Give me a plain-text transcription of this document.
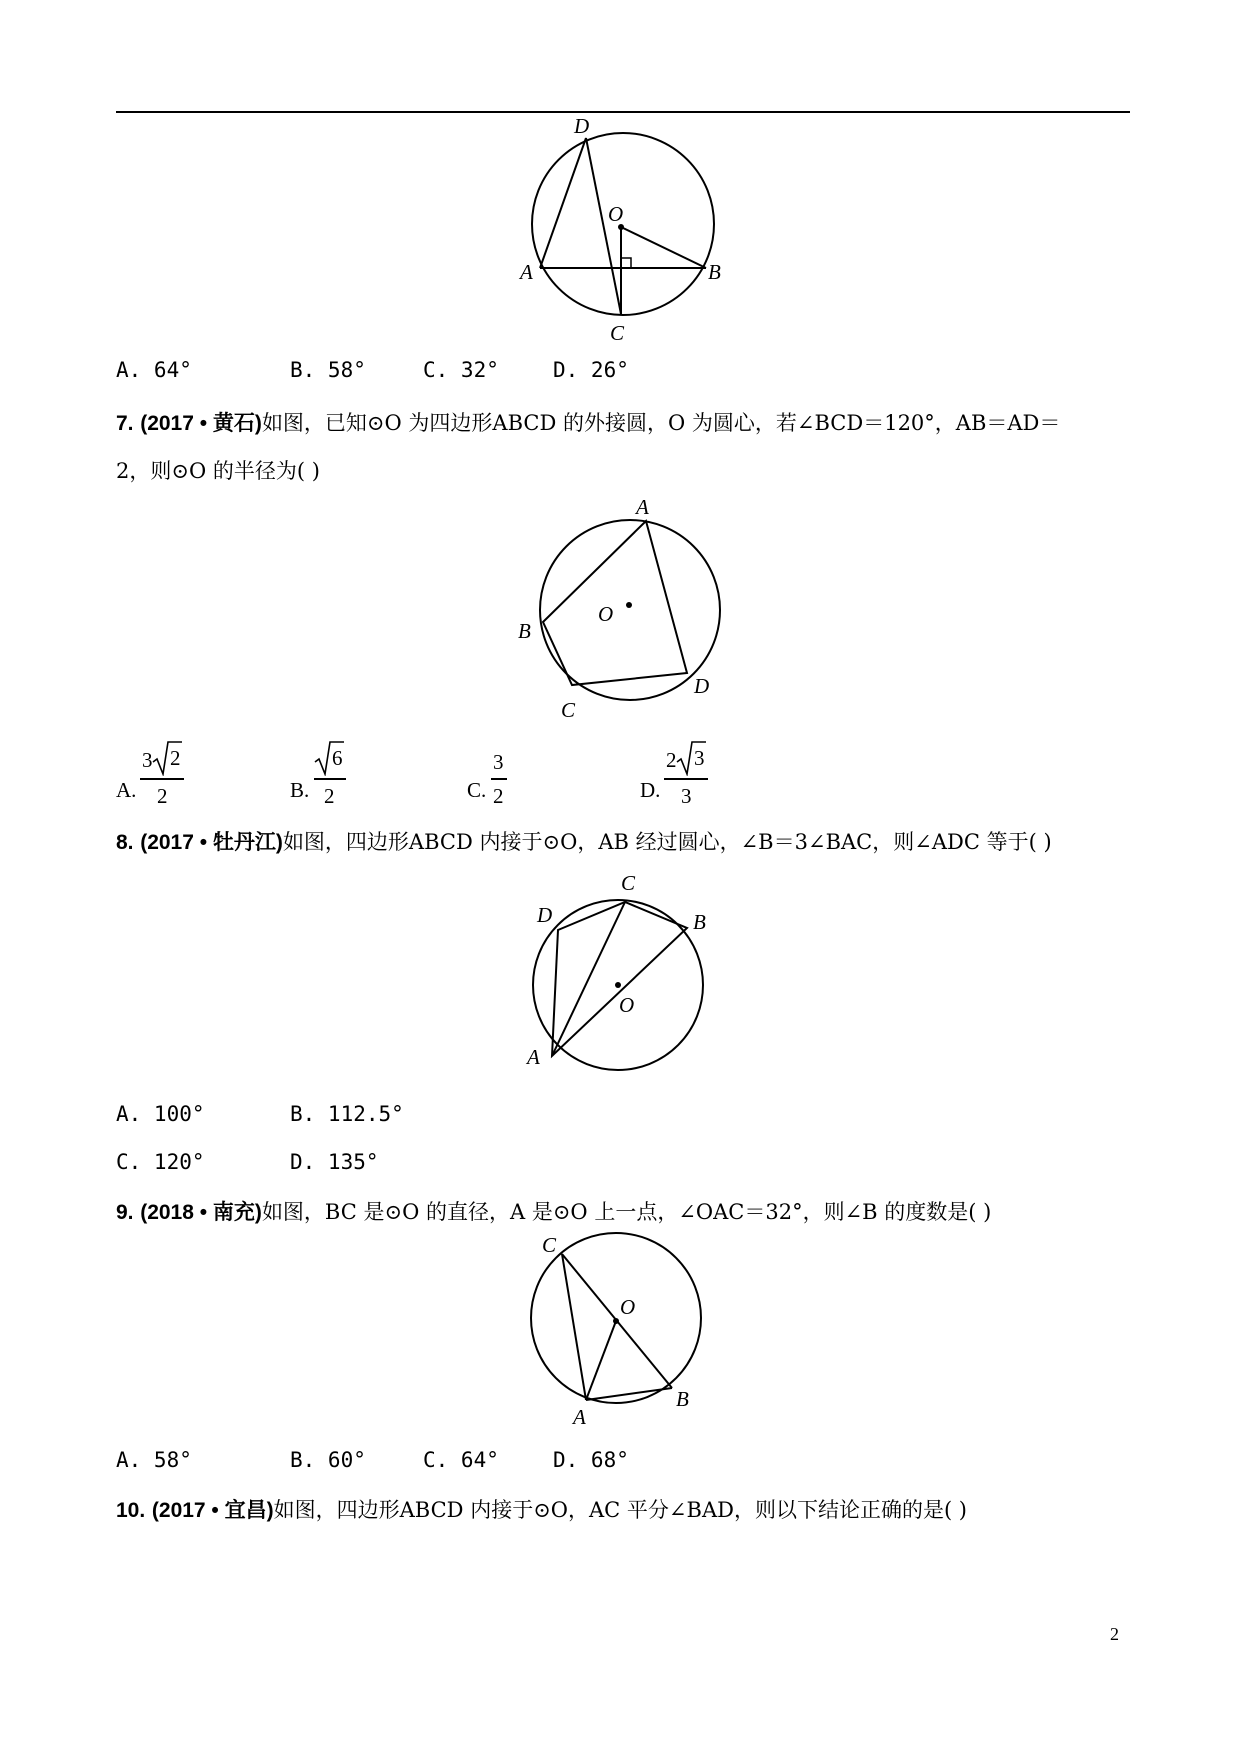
D
O
A	B
C
A. 64°	B. 58°	C. 32°	D. 26°
7. (2017 • 黄石)如图，已知⊙O 为四边形ABCD 的外接圆，O 为圆心，若∠BCD＝120°，AB＝AD＝
2，则⊙O 的半径为( )
A
O
B
C
D
A.
3 2
2	B.
6
2	C.
3
2	D.
2 3
3
8. (2017 • 牡丹江)如图，四边形ABCD 内接于⊙O，AB 经过圆心，∠B＝3∠BAC，则∠ADC 等于( )
C
D	B
O
A
A. 100°	B. 112.5°
C. 120°	D. 135°
9. (2018 • 南充)如图，BC 是⊙O 的直径，A 是⊙O 上一点，∠OAC＝32°，则∠B 的度数是( )
C
O
B
A
A. 58°	B. 60°	C. 64°	D. 68°
10. (2017 • 宜昌)如图，四边形ABCD 内接于⊙O，AC 平分∠BAD，则以下结论正确的是( )
2
